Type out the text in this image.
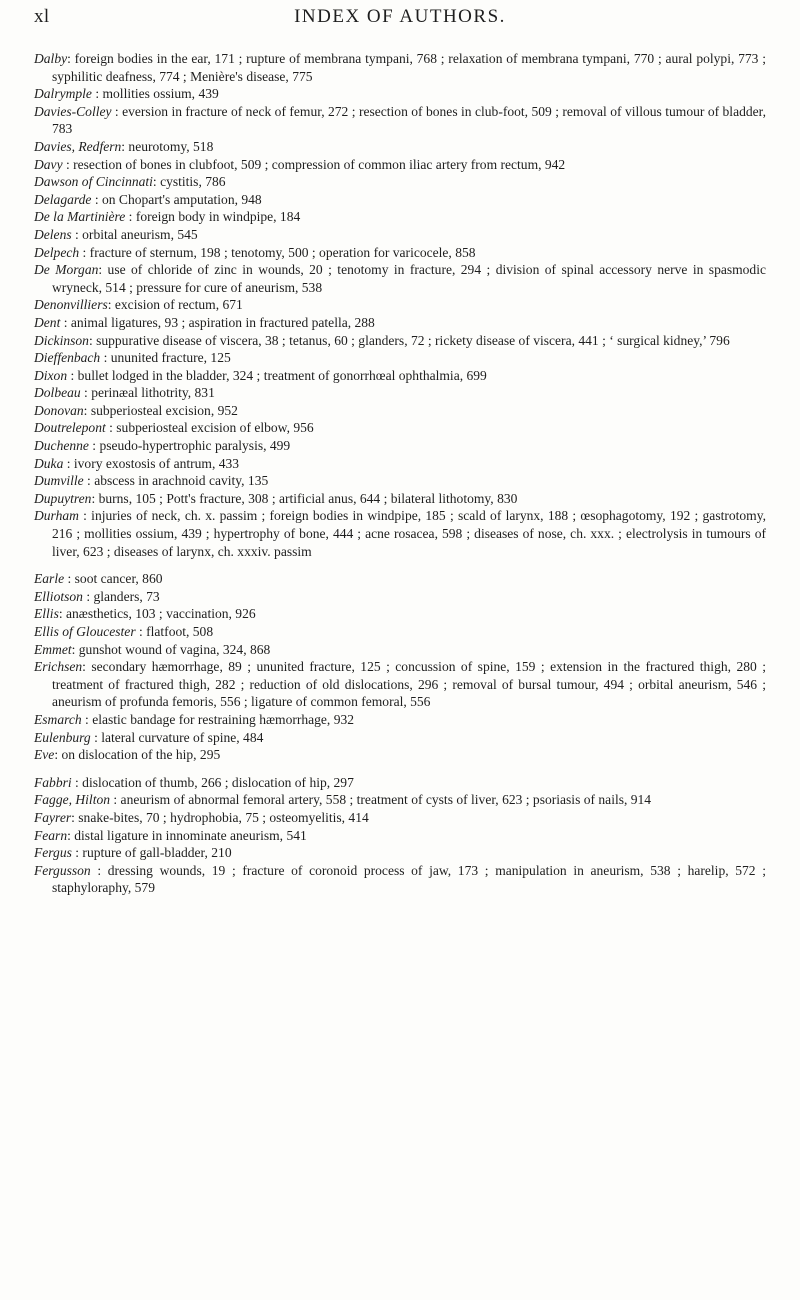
xl	INDEX OF AUTHORS.
Dalby: foreign bodies in the ear, 171 ; rupture of membrana tympani, 768 ; relaxation of membrana tympani, 770 ; aural polypi, 773 ; syphilitic deafness, 774 ; Menière's disease, 775
Dalrymple : mollities ossium, 439
Davies-Colley : eversion in fracture of neck of femur, 272 ; resection of bones in club-foot, 509 ; removal of villous tumour of bladder, 783
Davies, Redfern: neurotomy, 518
Davy : resection of bones in clubfoot, 509 ; compression of common iliac artery from rectum, 942
Dawson of Cincinnati: cystitis, 786
Delagarde : on Chopart's amputation, 948
De la Martinière : foreign body in windpipe, 184
Delens : orbital aneurism, 545
Delpech : fracture of sternum, 198 ; tenotomy, 500 ; operation for varicocele, 858
De Morgan: use of chloride of zinc in wounds, 20 ; tenotomy in fracture, 294 ; division of spinal accessory nerve in spasmodic wryneck, 514 ; pressure for cure of aneurism, 538
Denonvilliers: excision of rectum, 671
Dent : animal ligatures, 93 ; aspiration in fractured patella, 288
Dickinson: suppurative disease of viscera, 38 ; tetanus, 60 ; glanders, 72 ; rickety disease of viscera, 441 ; ‘ surgical kidney,’ 796
Dieffenbach : ununited fracture, 125
Dixon : bullet lodged in the bladder, 324 ; treatment of gonorrhœal ophthalmia, 699
Dolbeau : perinæal lithotrity, 831
Donovan: subperiosteal excision, 952
Doutrelepont : subperiosteal excision of elbow, 956
Duchenne : pseudo-hypertrophic paralysis, 499
Duka : ivory exostosis of antrum, 433
Dumville : abscess in arachnoid cavity, 135
Dupuytren: burns, 105 ; Pott's fracture, 308 ; artificial anus, 644 ; bilateral lithotomy, 830
Durham : injuries of neck, ch. x. passim ; foreign bodies in windpipe, 185 ; scald of larynx, 188 ; œsophagotomy, 192 ; gastrotomy, 216 ; mollities ossium, 439 ; hypertrophy of bone, 444 ; acne rosacea, 598 ; diseases of nose, ch. xxx. ; electrolysis in tumours of liver, 623 ; diseases of larynx, ch. xxxiv. passim
Earle : soot cancer, 860
Elliotson : glanders, 73
Ellis: anæsthetics, 103 ; vaccination, 926
Ellis of Gloucester : flatfoot, 508
Emmet: gunshot wound of vagina, 324, 868
Erichsen: secondary hæmorrhage, 89 ; ununited fracture, 125 ; concussion of spine, 159 ; extension in the fractured thigh, 280 ; treatment of fractured thigh, 282 ; reduction of old dislocations, 296 ; removal of bursal tumour, 494 ; orbital aneurism, 546 ; aneurism of profunda femoris, 556 ; ligature of common femoral, 556
Esmarch : elastic bandage for restraining hæmorrhage, 932
Eulenburg : lateral curvature of spine, 484
Eve: on dislocation of the hip, 295
Fabbri : dislocation of thumb, 266 ; dislocation of hip, 297
Fagge, Hilton : aneurism of abnormal femoral artery, 558 ; treatment of cysts of liver, 623 ; psoriasis of nails, 914
Fayrer: snake-bites, 70 ; hydrophobia, 75 ; osteomyelitis, 414
Fearn: distal ligature in innominate aneurism, 541
Fergus : rupture of gall-bladder, 210
Fergusson : dressing wounds, 19 ; fracture of coronoid process of jaw, 173 ; manipulation in aneurism, 538 ; harelip, 572 ; staphyloraphy, 579
